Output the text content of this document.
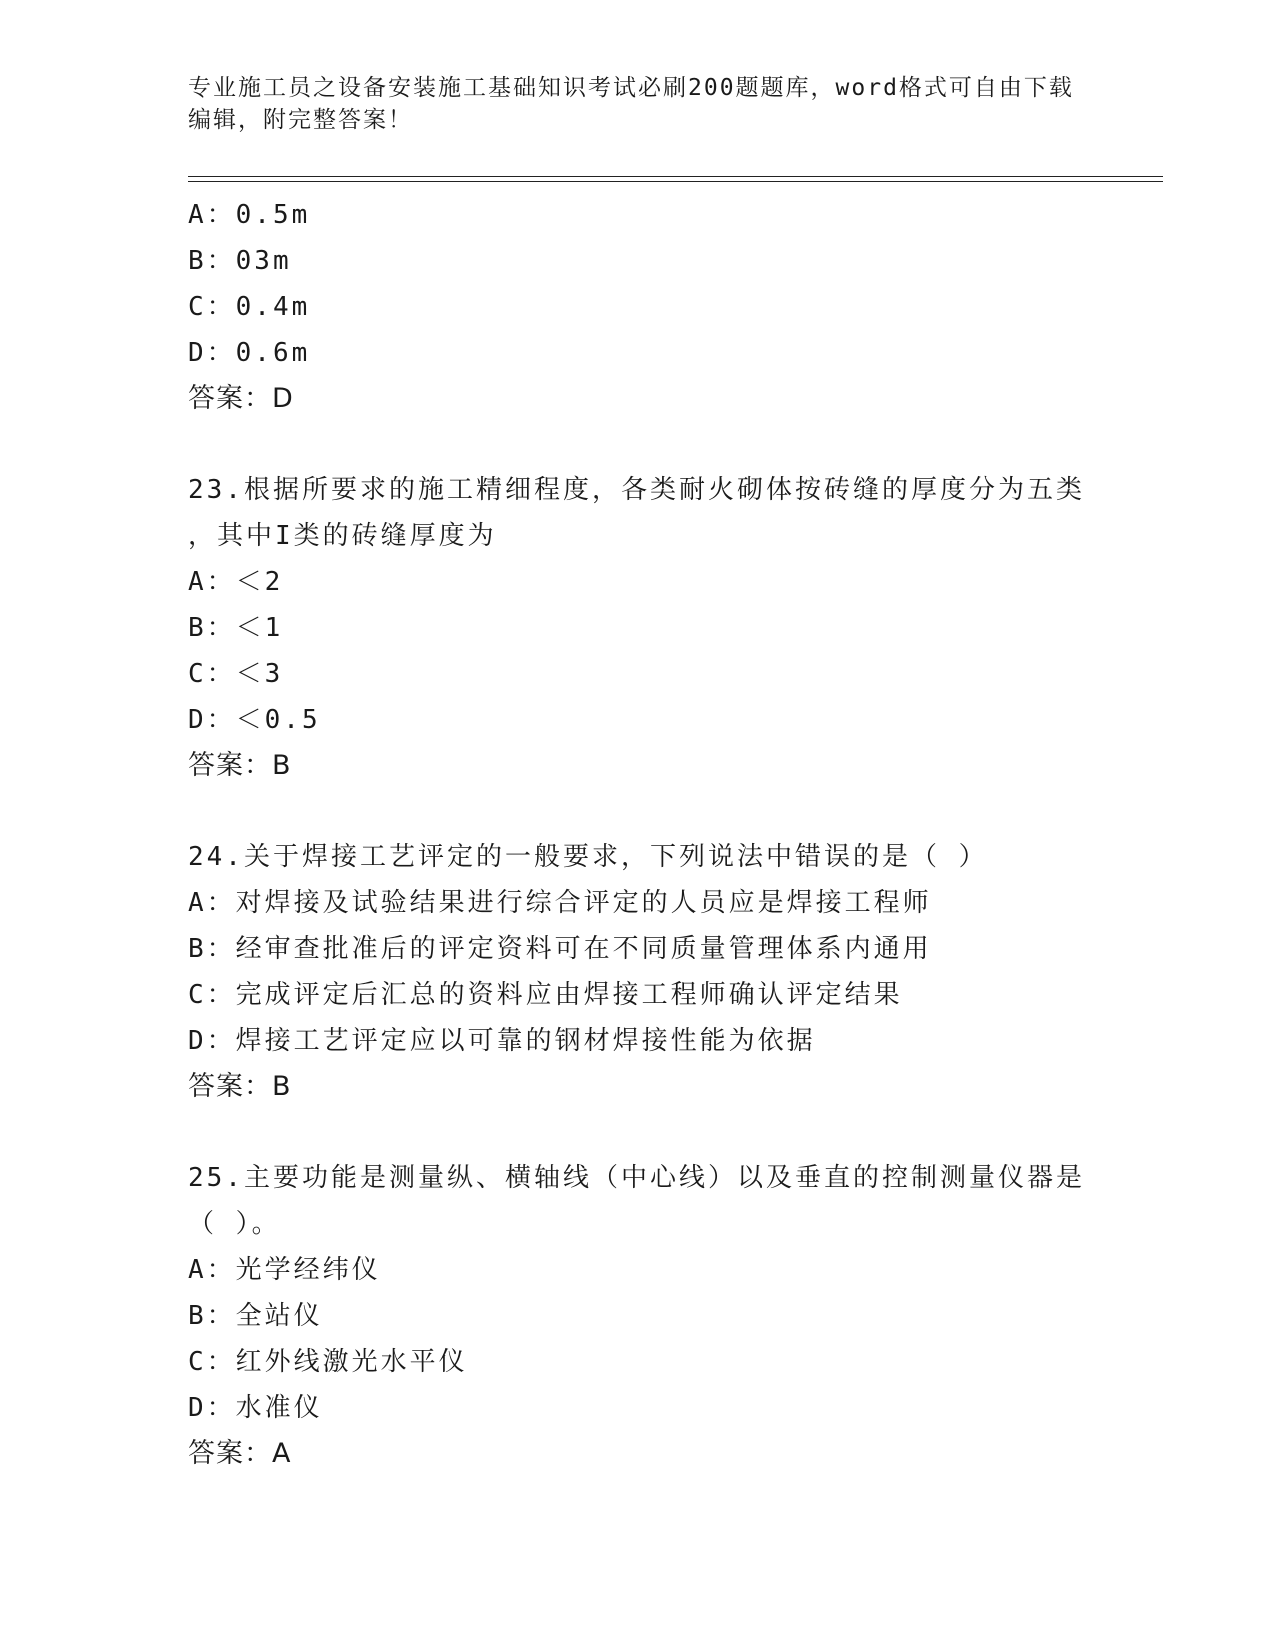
专业施工员之设备安装施工基础知识考试必刷200题题库，word格式可自由下载
编辑，附完整答案！
A：0.5m
B：03m
C：0.4m
D：0.6m
答案：D
23.根据所要求的施工精细程度，各类耐火砌体按砖缝的厚度分为五类
，其中I类的砖缝厚度为
A：＜2
B：＜1
C：＜3
D：＜0.5
答案：B
24.关于焊接工艺评定的一般要求，下列说法中错误的是（ ）
A：对焊接及试验结果进行综合评定的人员应是焊接工程师
B：经审查批准后的评定资料可在不同质量管理体系内通用
C：完成评定后汇总的资料应由焊接工程师确认评定结果
D：焊接工艺评定应以可靠的钢材焊接性能为依据
答案：B
25.主要功能是测量纵、横轴线（中心线）以及垂直的控制测量仪器是
（ ）。
A：光学经纬仪
B：全站仪
C：红外线激光水平仪
D：水准仪
答案：A
